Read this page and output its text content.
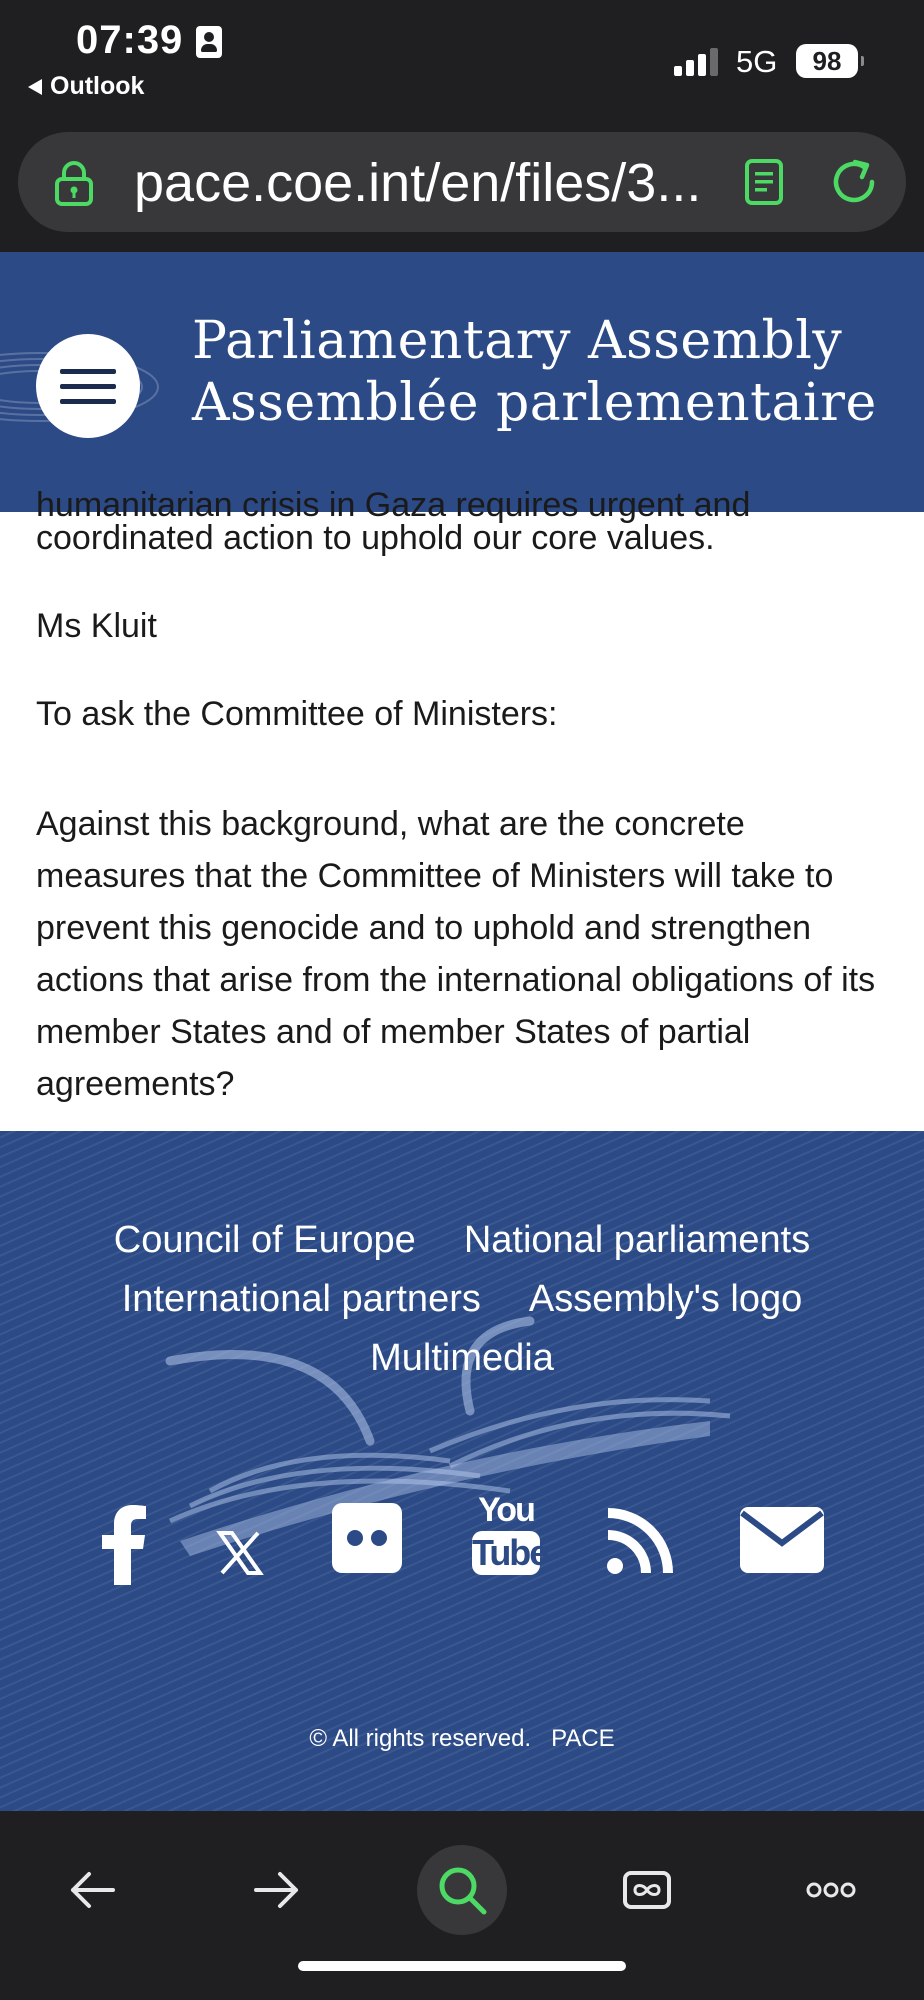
07:39
Outlook
5G	98
pace.coe.int/en/files/3...
Parliamentary Assembly
Assemblée parlementaire
humanitarian crisis in Gaza requires urgent and

coordinated action to uphold our core values.

Ms Kluit

To ask the Committee of Ministers:

Against this background, what are the concrete measures that the Committee of Ministers will take to prevent this genocide and to uphold and strengthen actions that arise from the international obligations of its member States and of member States of partial agreements?

Council of Europe National parliaments
International partners Assembly's logo
Multimedia
You
Tube
© All rights reserved. PACE
